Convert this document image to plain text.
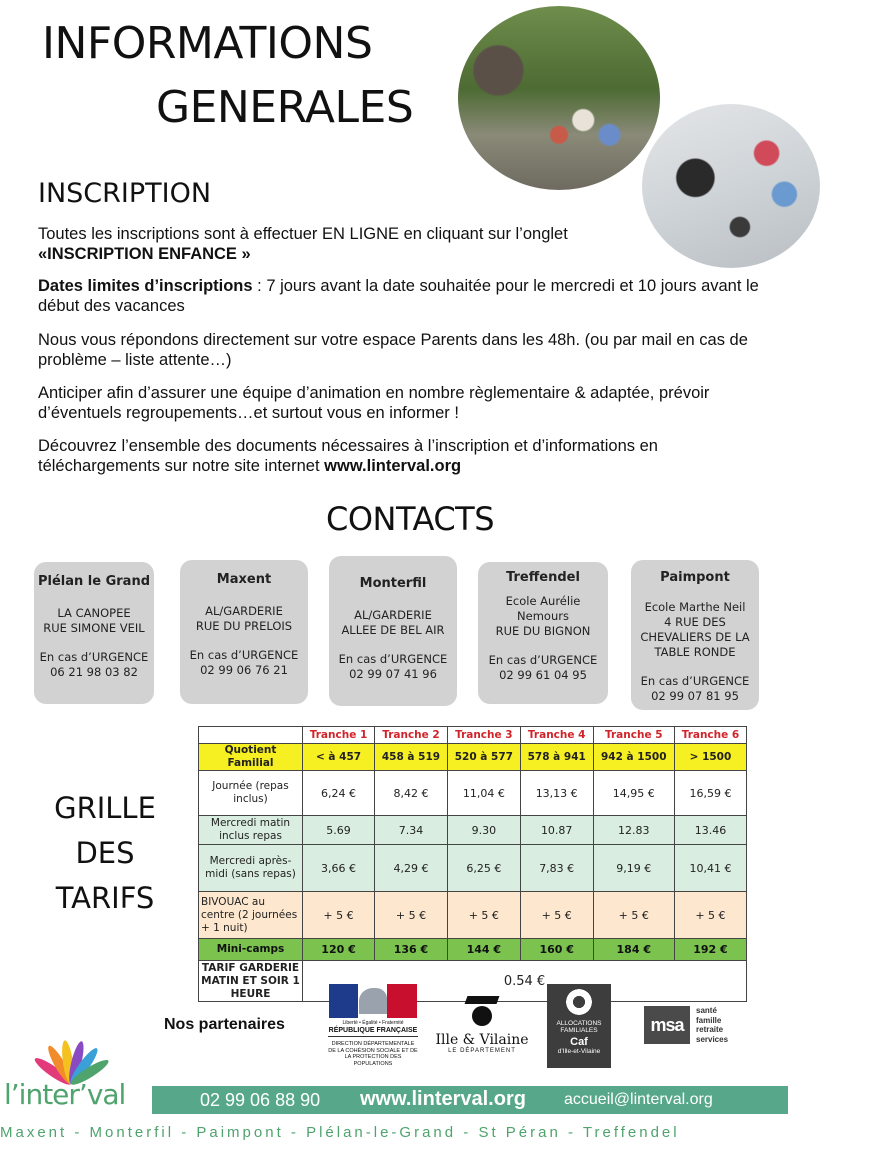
INFORMATIONS
GENERALES
INSCRIPTION

Toutes les inscriptions sont à effectuer EN LIGNE en cliquant sur l’onglet
«INSCRIPTION ENFANCE »

Dates limites d’inscriptions : 7 jours avant la date souhaitée pour le mercredi et 10 jours avant le début des vacances

Nous vous répondons directement sur votre espace Parents dans les 48h. (ou par mail en cas de problème – liste attente…)

Anticiper afin d’assurer une équipe d’animation en nombre règlementaire & adaptée, prévoir d’éventuels regroupements…et surtout vous en informer !

Découvrez l’ensemble des documents nécessaires à l’inscription et d’informations en téléchargements sur notre site internet www.linterval.org

CONTACTS
Plélan le Grand
LA CANOPEE
RUE SIMONE VEIL
En cas d’URGENCE
06 21 98 03 82
Maxent
AL/GARDERIE
RUE DU PRELOIS
En cas d’URGENCE
02 99 06 76 21
Monterfil
AL/GARDERIE
ALLEE DE BEL AIR
En cas d’URGENCE
02 99 07 41 96
Treffendel
Ecole Aurélie
Nemours
RUE DU BIGNON
En cas d’URGENCE
02 99 61 04 95
Paimpont
Ecole Marthe Neil
4 RUE DES
CHEVALIERS DE LA
TABLE RONDE
En cas d’URGENCE
02 99 07 81 95
GRILLE
DES
TARIFS
	Tranche 1	Tranche 2	Tranche 3	Tranche 4	Tranche 5	Tranche 6
Quotient Familial	< à 457	458 à 519	520 à 577	578 à 941	942 à 1500	> 1500
Journée (repas inclus)	6,24 €	8,42 €	11,04 €	13,13 €	14,95 €	16,59 €
Mercredi matin inclus repas	5.69	7.34	9.30	10.87	12.83	13.46
Mercredi après-midi (sans repas)	3,66 €	4,29 €	6,25 €	7,83 €	9,19 €	10,41 €
BIVOUAC au centre (2 journées + 1 nuit)	+ 5 €	+ 5 €	+ 5 €	+ 5 €	+ 5 €	+ 5 €
Mini-camps	120 €	136 €	144 €	160 €	184 €	192 €
TARIF GARDERIE MATIN ET SOIR 1 HEURE	0.54 €					
Nos partenaires	Liberté • Égalité • Fraternité
RÉPUBLIQUE FRANÇAISE
DIRECTION DÉPARTEMENTALE DE LA COHÉSION SOCIALE ET DE LA PROTECTION DES POPULATIONS
Ille & Vilaine
LE DÉPARTEMENT
ALLOCATIONS
FAMILIALES
Caf
d’Ille-et-Vilaine
msa
santé
famille
retraite
services
l’inter’val	02 99 06 88 90 www.linterval.org accueil@linterval.org
Maxent - Monterfil - Paimpont - Plélan-le-Grand - St Péran - Treffendel
